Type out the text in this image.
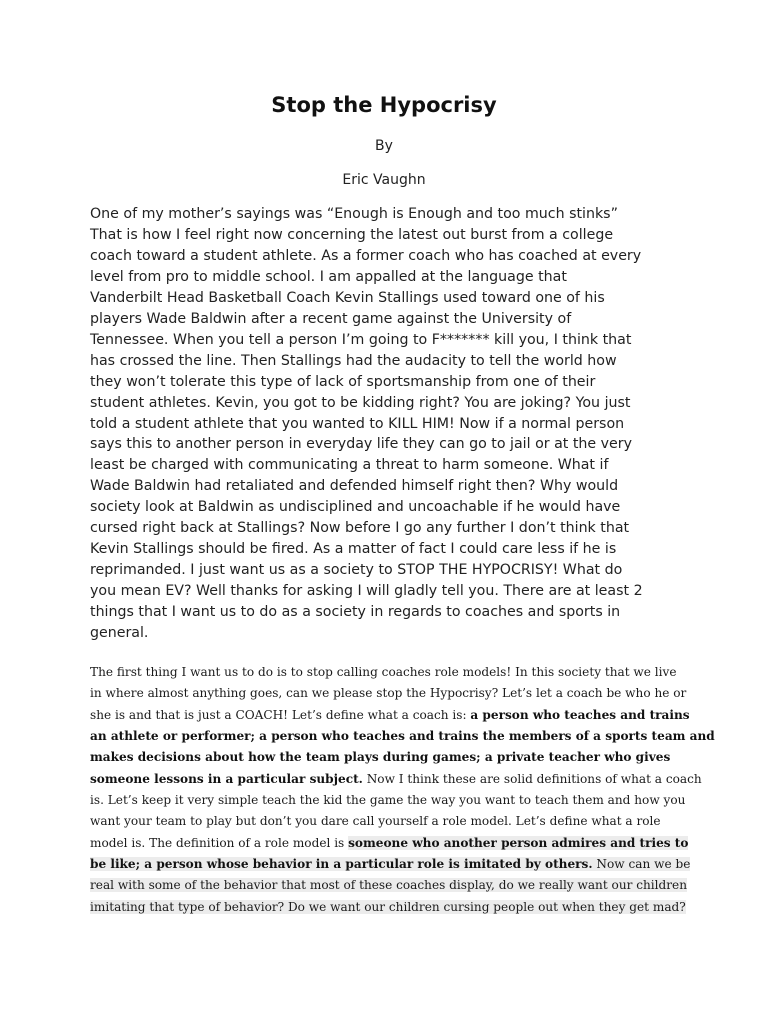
Stop the Hypocrisy

By

Eric Vaughn

One of my mother’s sayings was “Enough is Enough and too much stinks”
That is how I feel right now concerning the latest out burst from a college
coach toward a student athlete. As a former coach who has coached at every
level from pro to middle school. I am appalled at the language that
Vanderbilt Head Basketball Coach Kevin Stallings used toward one of his
players Wade Baldwin after a recent game against the University of
Tennessee. When you tell a person I’m going to F******* kill you, I think that
has crossed the line. Then Stallings had the audacity to tell the world how
they won’t tolerate this type of lack of sportsmanship from one of their
student athletes. Kevin, you got to be kidding right? You are joking? You just
told a student athlete that you wanted to KILL HIM! Now if a normal person
says this to another person in everyday life they can go to jail or at the very
least be charged with communicating a threat to harm someone. What if
Wade Baldwin had retaliated and defended himself right then? Why would
society look at Baldwin as undisciplined and uncoachable if he would have
cursed right back at Stallings? Now before I go any further I don’t think that
Kevin Stallings should be fired. As a matter of fact I could care less if he is
reprimanded. I just want us as a society to STOP THE HYPOCRISY! What do
you mean EV? Well thanks for asking I will gladly tell you. There are at least 2
things that I want us to do as a society in regards to coaches and sports in
general.
The first thing I want us to do is to stop calling coaches role models! In this society that we live
in where almost anything goes, can we please stop the Hypocrisy? Let’s let a coach be who he or
she is and that is just a COACH! Let’s define what a coach is: a person who teaches and trains
an athlete or performer; a person who teaches and trains the members of a sports team and
makes decisions about how the team plays during games; a private teacher who gives
someone lessons in a particular subject. Now I think these are solid definitions of what a coach
is. Let’s keep it very simple teach the kid the game the way you want to teach them and how you
want your team to play but don’t you dare call yourself a role model. Let’s define what a role
model is. The definition of a role model is someone who another person admires and tries to
be like; a person whose behavior in a particular role is imitated by others. Now can we be
real with some of the behavior that most of these coaches display, do we really want our children
imitating that type of behavior? Do we want our children cursing people out when they get mad?
